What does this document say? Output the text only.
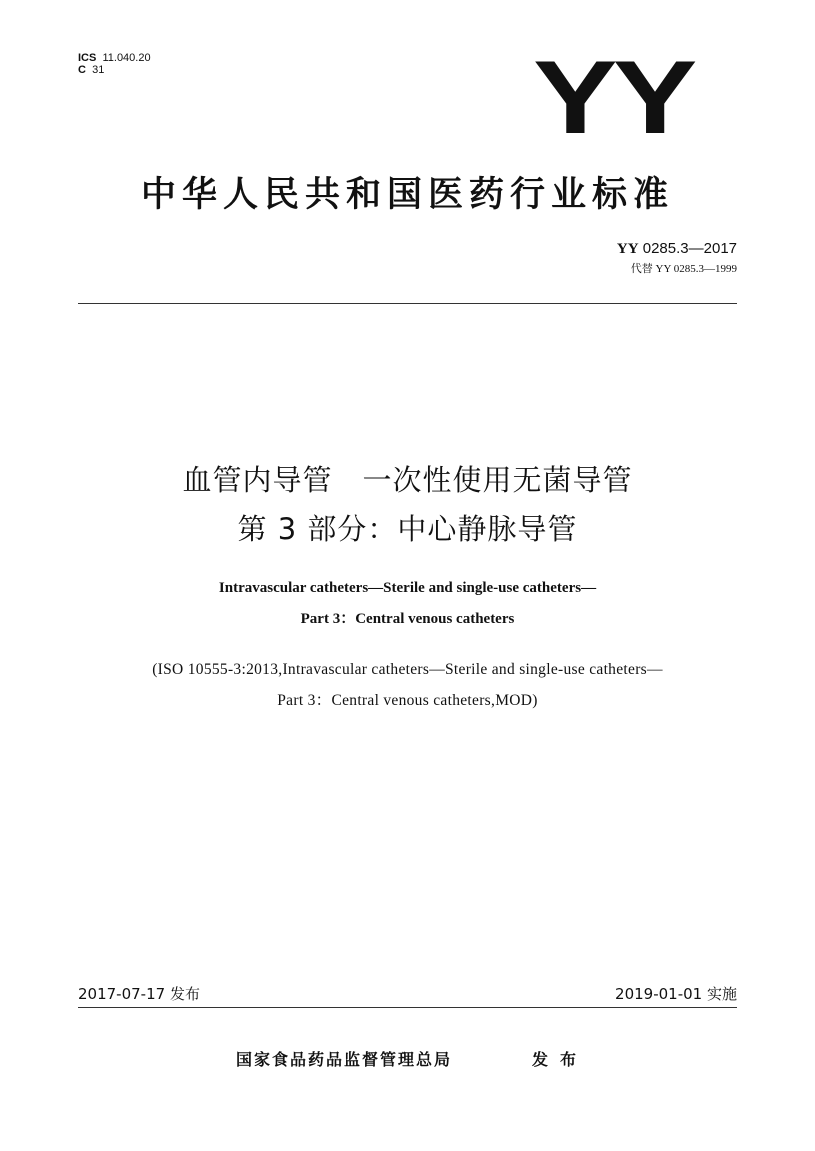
ICS 11.040.20
C 31	YY
中华人民共和国医药行业标准
YY 0285.3—2017
代替 YY 0285.3—1999
血管内导管　一次性使用无菌导管
第 3 部分：中心静脉导管
Intravascular catheters—Sterile and single-use catheters—
Part 3：Central venous catheters
(ISO 10555-3:2013,Intravascular catheters—Sterile and single-use catheters—
Part 3：Central venous catheters,MOD)
2017-07-17 发布	2019-01-01 实施
国家食品药品监督管理总局	发布
